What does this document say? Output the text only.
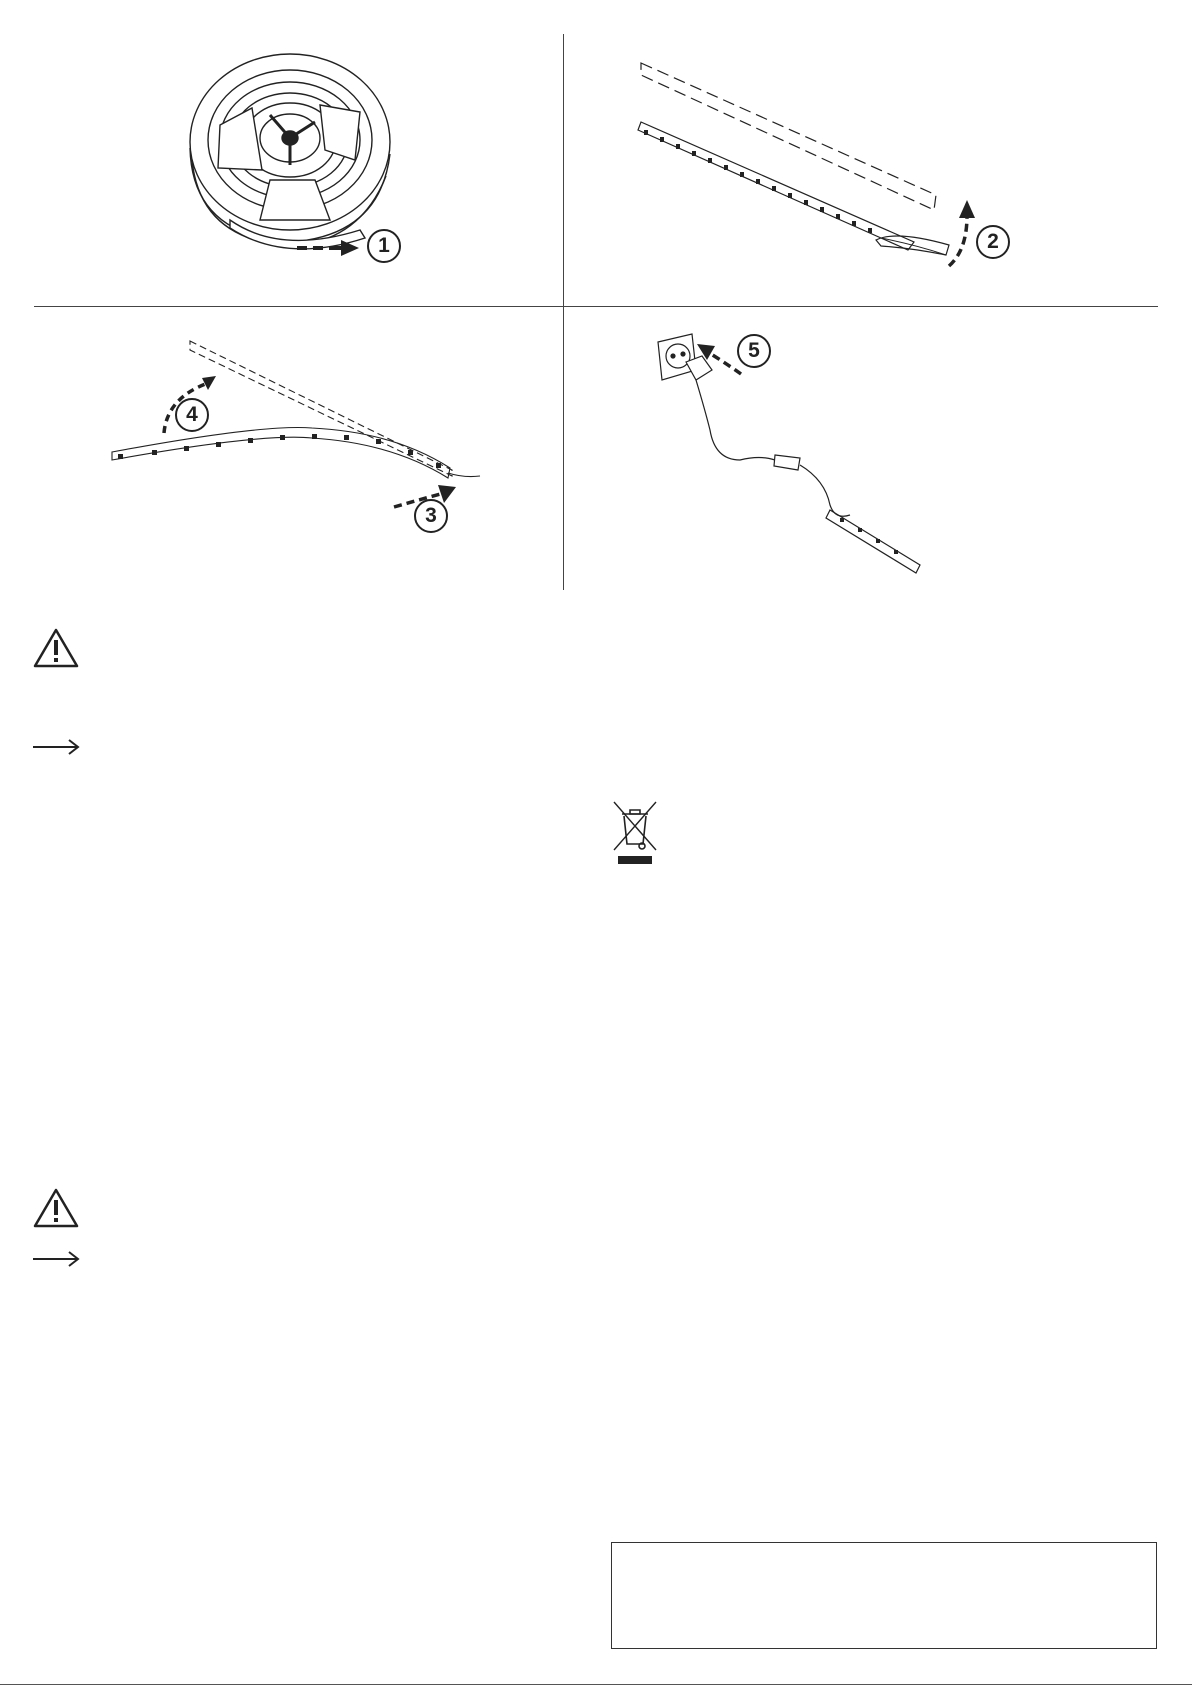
1	2
4
3
5
